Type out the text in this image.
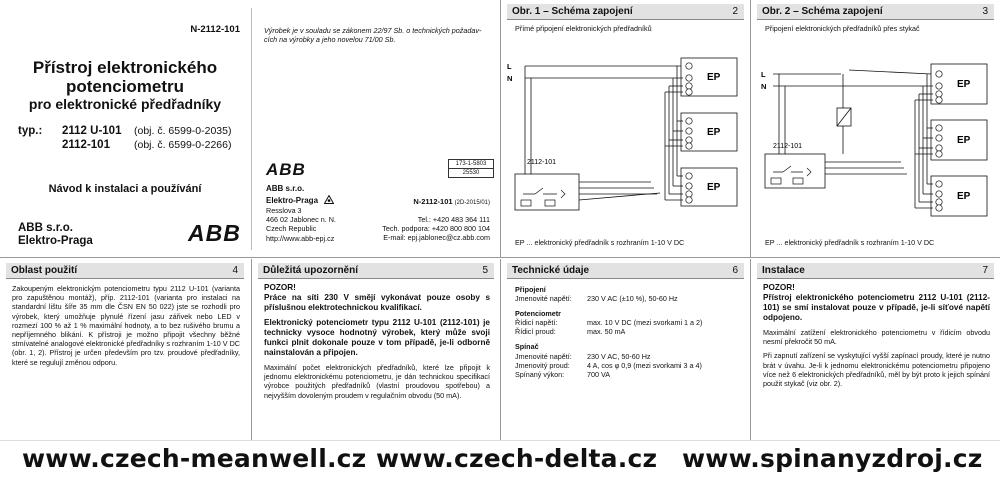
N-2112-101
Přístroj elektronického
potenciometru
pro elektronické předřadníky
typ.: 2112 U-101 (obj. č. 6599-0-2035)
2112-101 (obj. č. 6599-0-2266)
Návod k instalaci a používání
ABB s.r.o.
Elektro-Praga	ABB
Výrobek je v souladu se zákonem 22/97 Sb. o technických požadav-
cích na výrobky a jeho novelou 71/00 Sb.
ABB	173-1-5803
25530
ABB s.r.o.
Elektro-Praga	N-2112-101 (2D-2015/01)
Resslova 3
466 02 Jablonec n. N.
Czech Republic
http://www.abb-epj.cz
Tel.: +420 483 364 111
Tech. podpora: +420 800 800 104
E-mail: epj.jablonec@cz.abb.com
Obr. 1 – Schéma zapojení	2
Přímé připojení elektronických předřadníků
L
N
2112-101
EP
EP
EP
EP ... elektronický předřadník s rozhraním 1-10 V DC
Obr. 2 – Schéma zapojení	3
Připojení elektronických předřadníků přes stykač
L
N
2112-101
EP
EP
EP
EP ... elektronický předřadník s rozhraním 1-10 V DC
Oblast použití	4
Zakoupeným elektronickým potenciometru typu 2112 U-101 (varianta pro zapuštěnou montáž), příp. 2112-101 (varianta pro instalaci na standardní lištu šíře 35 mm dle ČSN EN 50 022) jste se rozhodli pro výrobek, který umožňuje plynulé řízení jasu zářivek nebo LED v rozmezí 100 % až 1 % maximální hodnoty, a to bez rušivého brumu a nepříjemného blikání. K přístroji je možno připojit všechny běžné stmívatelné analogové elektronické předřadníky s rozhraním 1-10 V DC (obr. 1, 2). Přístroj je určen především pro tzv. proudové předřadníky, které se regulují změnou odporu.
Důležitá upozornění	5
POZOR!
Práce na síti 230 V smějí vykonávat pouze osoby s příslušnou elektrotechnickou kvalifikací.
Elektronický potenciometr typu 2112 U-101 (2112-101) je technicky vysoce hodnotný výrobek, který může svoji funkci plnit dokonale pouze v tom případě, je-li odborně nainstalován a připojen.
Maximální počet elektronických předřadníků, které lze připojit k jednomu elektronickému potenciometru, je dán technickou specifikací výrobce použitých předřadníků (vlastní proudovou spotřebou) a nejvyšším dovoleným proudem v regulačním obvodu (50 mA).
Technické údaje	6
Připojení
Jmenovité napětí:	230 V AC (±10 %), 50-60 Hz
Potenciometr
Řídicí napětí:	max. 10 V DC (mezi svorkami 1 a 2)
Řídicí proud:	max. 50 mA
Spínač
Jmenovité napětí:	230 V AC, 50-60 Hz
Jmenovitý proud:	4 A, cos φ 0,9 (mezi svorkami 3 a 4)
Spínaný výkon:	700 VA
Instalace	7
POZOR!
Přístroj elektronického potenciometru 2112 U-101 (2112-101) se smí instalovat pouze v případě, je-li síťové napětí odpojeno.
Maximální zatížení elektronického potenciometru v řídicím obvodu nesmí překročit 50 mA.
Při zapnutí zařízení se vyskytující vyšší zapínací proudy, které je nutno brát v úvahu. Je-li k jednomu elektronickému potenciometru připojeno více než 6 elektronických předřadníků, měl by být proto k jejich spínání použit stykač (viz obr. 2).
www.czech-meanwell.cz www.czech-delta.cz www.spinanyzdroj.cz
